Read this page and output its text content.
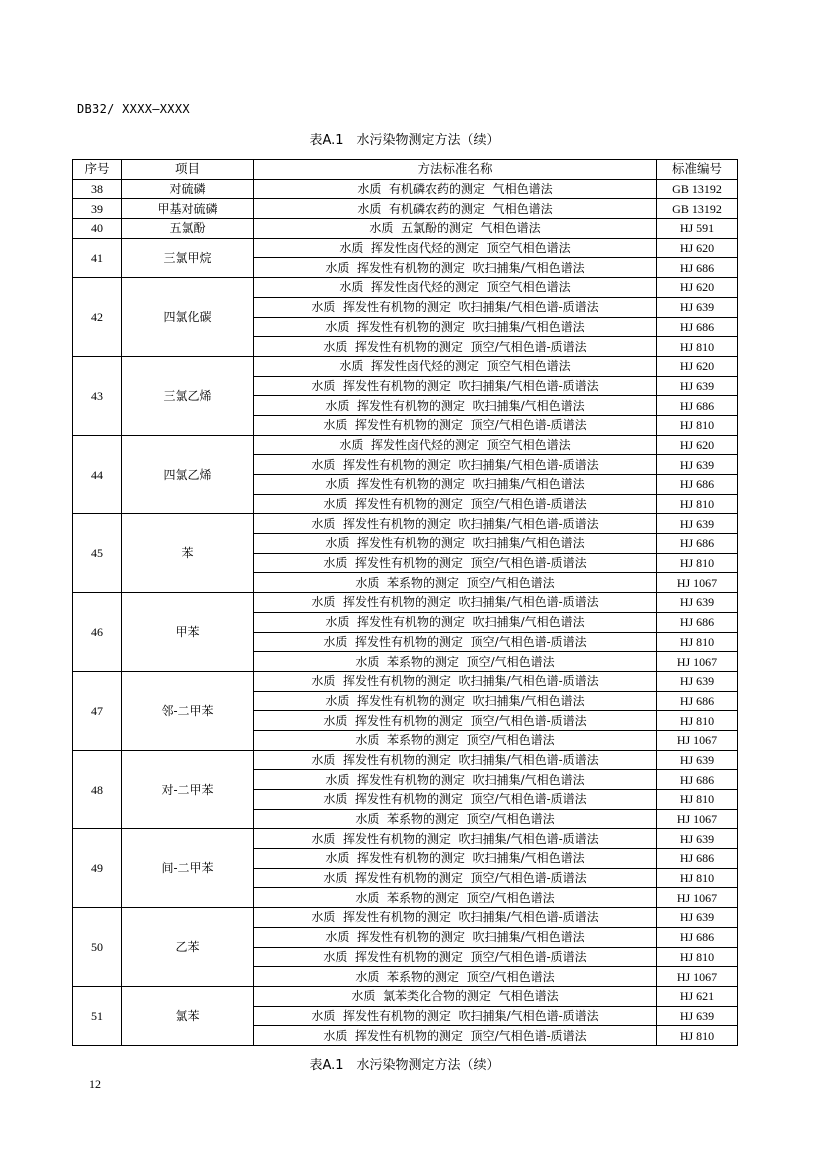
DB32/ XXXX—XXXX
表A.1　水污染物测定方法（续）
序号	项目	方法标准名称	标准编号
38	对硫磷	水质  有机磷农药的测定  气相色谱法	GB 13192
39	甲基对硫磷	水质  有机磷农药的测定  气相色谱法	GB 13192
40	五氯酚	水质  五氯酚的测定  气相色谱法	HJ 591
41	三氯甲烷	水质  挥发性卤代烃的测定  顶空气相色谱法	HJ 620
		水质  挥发性有机物的测定  吹扫捕集/气相色谱法	HJ 686
42	四氯化碳	水质  挥发性卤代烃的测定  顶空气相色谱法	HJ 620
		水质  挥发性有机物的测定  吹扫捕集/气相色谱-质谱法	HJ 639
		水质  挥发性有机物的测定  吹扫捕集/气相色谱法	HJ 686
		水质  挥发性有机物的测定  顶空/气相色谱-质谱法	HJ 810
43	三氯乙烯	水质  挥发性卤代烃的测定  顶空气相色谱法	HJ 620
		水质  挥发性有机物的测定  吹扫捕集/气相色谱-质谱法	HJ 639
		水质  挥发性有机物的测定  吹扫捕集/气相色谱法	HJ 686
		水质  挥发性有机物的测定  顶空/气相色谱-质谱法	HJ 810
44	四氯乙烯	水质  挥发性卤代烃的测定  顶空气相色谱法	HJ 620
		水质  挥发性有机物的测定  吹扫捕集/气相色谱-质谱法	HJ 639
		水质  挥发性有机物的测定  吹扫捕集/气相色谱法	HJ 686
		水质  挥发性有机物的测定  顶空/气相色谱-质谱法	HJ 810
45	苯	水质  挥发性有机物的测定  吹扫捕集/气相色谱-质谱法	HJ 639
		水质  挥发性有机物的测定  吹扫捕集/气相色谱法	HJ 686
		水质  挥发性有机物的测定  顶空/气相色谱-质谱法	HJ 810
		水质  苯系物的测定  顶空/气相色谱法	HJ 1067
46	甲苯	水质  挥发性有机物的测定  吹扫捕集/气相色谱-质谱法	HJ 639
		水质  挥发性有机物的测定  吹扫捕集/气相色谱法	HJ 686
		水质  挥发性有机物的测定  顶空/气相色谱-质谱法	HJ 810
		水质  苯系物的测定  顶空/气相色谱法	HJ 1067
47	邻-二甲苯	水质  挥发性有机物的测定  吹扫捕集/气相色谱-质谱法	HJ 639
		水质  挥发性有机物的测定  吹扫捕集/气相色谱法	HJ 686
		水质  挥发性有机物的测定  顶空/气相色谱-质谱法	HJ 810
		水质  苯系物的测定  顶空/气相色谱法	HJ 1067
48	对-二甲苯	水质  挥发性有机物的测定  吹扫捕集/气相色谱-质谱法	HJ 639
		水质  挥发性有机物的测定  吹扫捕集/气相色谱法	HJ 686
		水质  挥发性有机物的测定  顶空/气相色谱-质谱法	HJ 810
		水质  苯系物的测定  顶空/气相色谱法	HJ 1067
49	间-二甲苯	水质  挥发性有机物的测定  吹扫捕集/气相色谱-质谱法	HJ 639
		水质  挥发性有机物的测定  吹扫捕集/气相色谱法	HJ 686
		水质  挥发性有机物的测定  顶空/气相色谱-质谱法	HJ 810
		水质  苯系物的测定  顶空/气相色谱法	HJ 1067
50	乙苯	水质  挥发性有机物的测定  吹扫捕集/气相色谱-质谱法	HJ 639
		水质  挥发性有机物的测定  吹扫捕集/气相色谱法	HJ 686
		水质  挥发性有机物的测定  顶空/气相色谱-质谱法	HJ 810
		水质  苯系物的测定  顶空/气相色谱法	HJ 1067
51	氯苯	水质  氯苯类化合物的测定  气相色谱法	HJ 621
		水质  挥发性有机物的测定  吹扫捕集/气相色谱-质谱法	HJ 639
		水质  挥发性有机物的测定  顶空/气相色谱-质谱法	HJ 810
表A.1　水污染物测定方法（续）
12
